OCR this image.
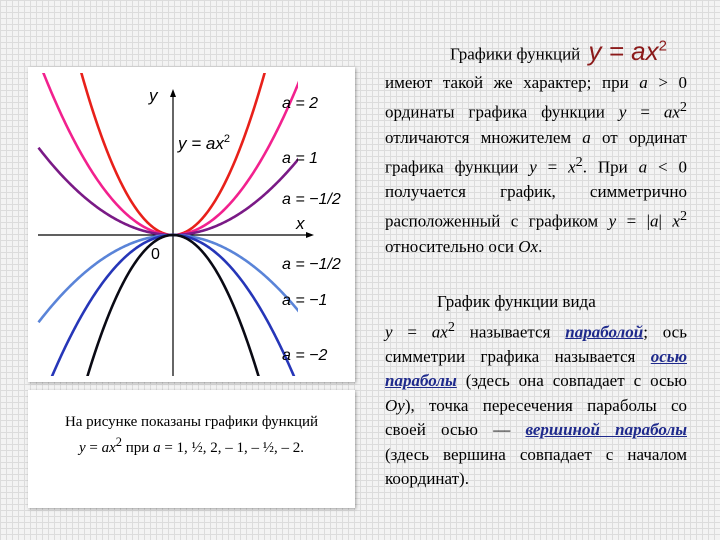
Графики функций $y = ax^2$
имеют такой же характер; при a > 0 ординаты графика функции $y = ax^2$ отличаются множителем a от ординат графика функции $y = x^2$. При a < 0 получается график, симметрично расположенный с графиком y = |a| $x^2$ относительно оси Ox.
График функции вида
$y = ax^2$ называется параболой; ось симметрии графика называется осью параболы (здесь она совпадает с осью Oy), точка пересечения параболы со своей осью — вершиной параболы (здесь вершина совпадает с началом координат).
y
x
0
$y = ax^2$
a = 2
a = 1
a = −1/2
a = −1/2
a = −1
a = −2
На рисунке показаны графики функций
$y = ax^2$ при a = 1, ½, 2, – 1, – ½, – 2.
